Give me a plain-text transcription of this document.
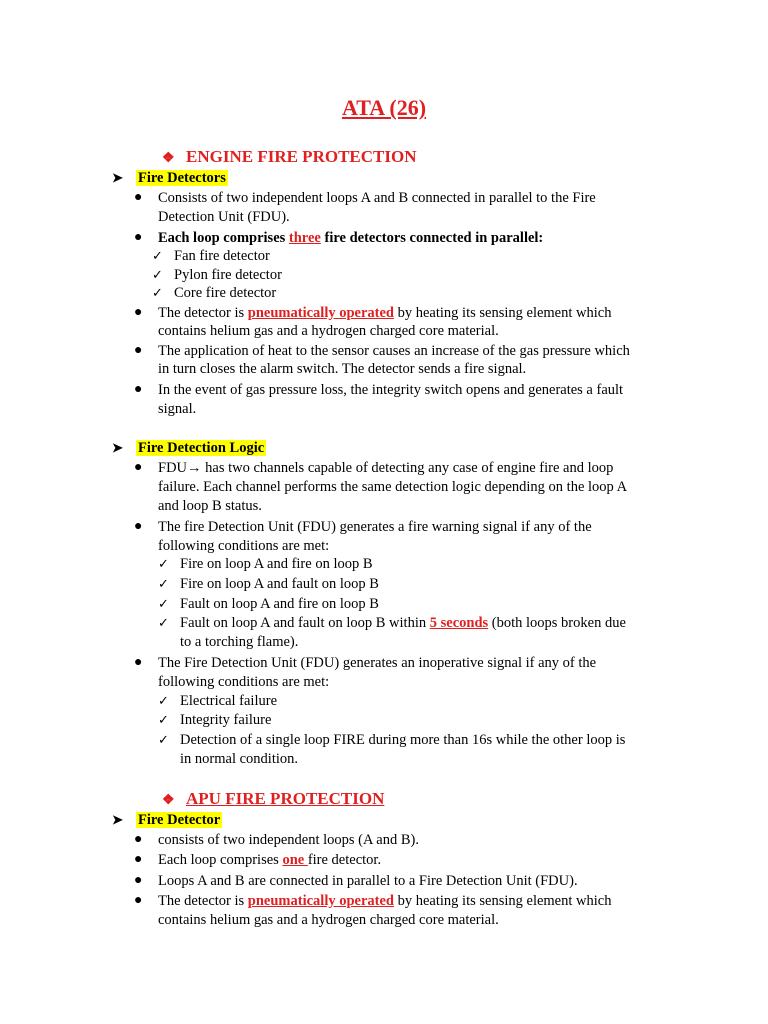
ATA (26)
❖ ENGINE FIRE PROTECTION
➤ Fire Detectors
● Consists of two independent loops A and B connected in parallel to the Fire
Detection Unit (FDU).
● Each loop comprises three fire detectors connected in parallel:
✓ Fan fire detector
✓ Pylon fire detector
✓ Core fire detector
● The detector is pneumatically operated by heating its sensing element which
contains helium gas and a hydrogen charged core material.
● The application of heat to the sensor causes an increase of the gas pressure which
in turn closes the alarm switch. The detector sends a fire signal.
● In the event of gas pressure loss, the integrity switch opens and generates a fault
signal.
➤ Fire Detection Logic
● FDU→ has two channels capable of detecting any case of engine fire and loop
failure. Each channel performs the same detection logic depending on the loop A
and loop B status.
● The fire Detection Unit (FDU) generates a fire warning signal if any of the
following conditions are met:
✓ Fire on loop A and fire on loop B
✓ Fire on loop A and fault on loop B
✓ Fault on loop A and fire on loop B
✓ Fault on loop A and fault on loop B within 5 seconds (both loops broken due
to a torching flame).
● The Fire Detection Unit (FDU) generates an inoperative signal if any of the
following conditions are met:
✓ Electrical failure
✓ Integrity failure
✓ Detection of a single loop FIRE during more than 16s while the other loop is
in normal condition.
❖ APU FIRE PROTECTION
➤ Fire Detector
● consists of two independent loops (A and B).
● Each loop comprises one fire detector.
● Loops A and B are connected in parallel to a Fire Detection Unit (FDU).
● The detector is pneumatically operated by heating its sensing element which
contains helium gas and a hydrogen charged core material.
